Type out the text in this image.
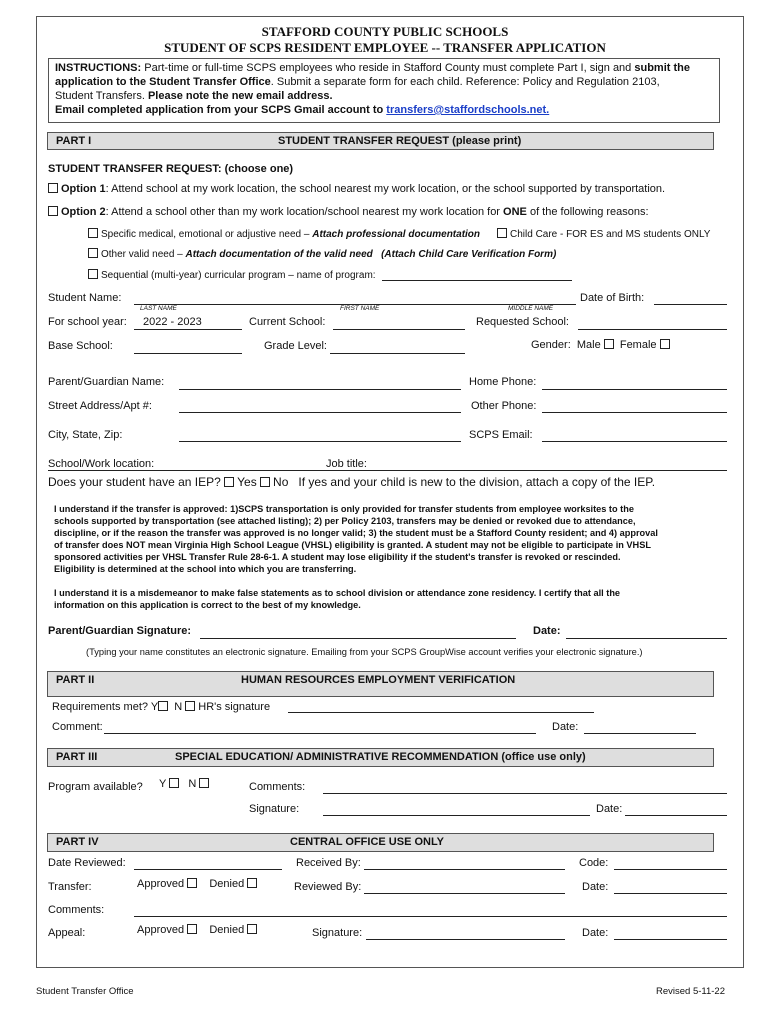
STAFFORD COUNTY PUBLIC SCHOOLS
STUDENT OF SCPS RESIDENT EMPLOYEE -- TRANSFER APPLICATION
INSTRUCTIONS: Part-time or full-time SCPS employees who reside in Stafford County must complete Part I, sign and submit the
application to the Student Transfer Office. Submit a separate form for each child. Reference: Policy and Regulation 2103,
Student Transfers. Please note the new email address.
Email completed application from your SCPS Gmail account to transfers@staffordschools.net.
PART I	STUDENT TRANSFER REQUEST (please print)
STUDENT TRANSFER REQUEST: (choose one)
Option 1: Attend school at my work location, the school nearest my work location, or the school supported by transportation.
Option 2: Attend a school other than my work location/school nearest my work location for ONE of the following reasons:
Specific medical, emotional or adjustive need – Attach professional documentation	Child Care - FOR ES and MS students ONLY
Other valid need – Attach documentation of the valid need (Attach Child Care Verification Form)
Sequential (multi-year) curricular program – name of program:
Student Name:	Date of Birth:
LAST NAME	FIRST NAME	MIDDLE NAME
For school year: 2022 - 2023	Current School:	Requested School:
Base School:	Grade Level:	Gender: Male Female
Parent/Guardian Name:	Home Phone:
Street Address/Apt #:	Other Phone:
City, State, Zip:	SCPS Email:
School/Work location:	Job title:
Does your student have an IEP? Yes No If yes and your child is new to the division, attach a copy of the IEP.
I understand if the transfer is approved: 1)SCPS transportation is only provided for transfer students from employee worksites to the
schools supported by transportation (see attached listing); 2) per Policy 2103, transfers may be denied or revoked due to attendance,
discipline, or if the reason the transfer was approved is no longer valid; 3) the student must be a Stafford County resident; and 4) approval
of transfer does NOT mean Virginia High School League (VHSL) eligibility is granted. A student may not be eligible to participate in VHSL
sponsored activities per VHSL Transfer Rule 28-6-1. A student may lose eligibility if the student's transfer is revoked or rescinded.
Eligibility is determined at the school into which you are transferring.
I understand it is a misdemeanor to make false statements as to school division or attendance zone residency. I certify that all the
information on this application is correct to the best of my knowledge.
Parent/Guardian Signature:	Date:
(Typing your name constitutes an electronic signature. Emailing from your SCPS GroupWise account verifies your electronic signature.)
PART II	HUMAN RESOURCES EMPLOYMENT VERIFICATION
Requirements met? Y N HR's signature
Comment:	Date:
PART III	SPECIAL EDUCATION/ ADMINISTRATIVE RECOMMENDATION (office use only)
Program available? Y N	Comments:
Signature:	Date:
PART IV	CENTRAL OFFICE USE ONLY
Date Reviewed:	Received By:	Code:
Transfer:	Approved Denied	Reviewed By:	Date:
Comments:
Appeal:	Approved Denied	Signature:	Date:
Student Transfer Office	Revised 5-11-22
